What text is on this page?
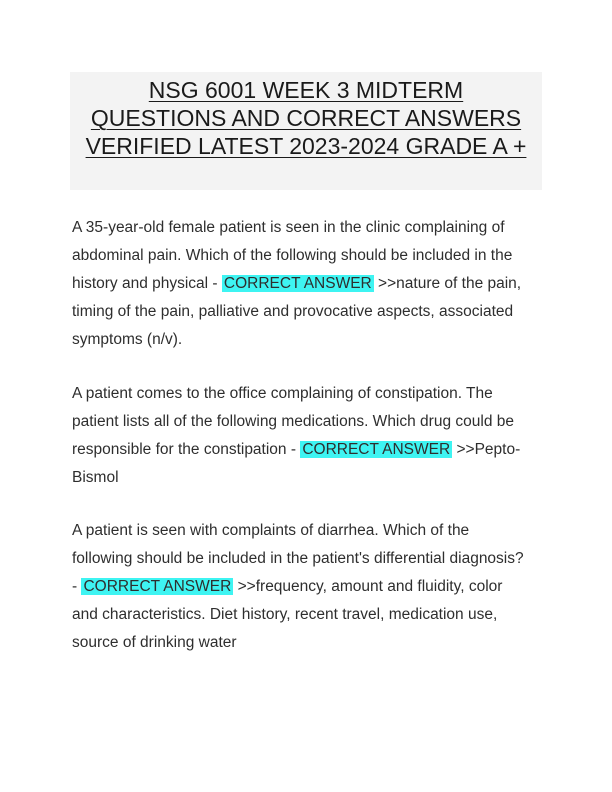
NSG 6001 WEEK 3 MIDTERM
QUESTIONS AND CORRECT ANSWERS
VERIFIED LATEST 2023-2024 GRADE A +

A 35-year-old female patient is seen in the clinic complaining of
abdominal pain. Which of the following should be included in the
history and physical - CORRECT ANSWER >>nature of the pain,
timing of the pain, palliative and provocative aspects, associated
symptoms (n/v).

A patient comes to the office complaining of constipation. The
patient lists all of the following medications. Which drug could be
responsible for the constipation - CORRECT ANSWER >>Pepto-
Bismol

A patient is seen with complaints of diarrhea. Which of the
following should be included in the patient's differential diagnosis?
- CORRECT ANSWER >>frequency, amount and fluidity, color
and characteristics. Diet history, recent travel, medication use,
source of drinking water
